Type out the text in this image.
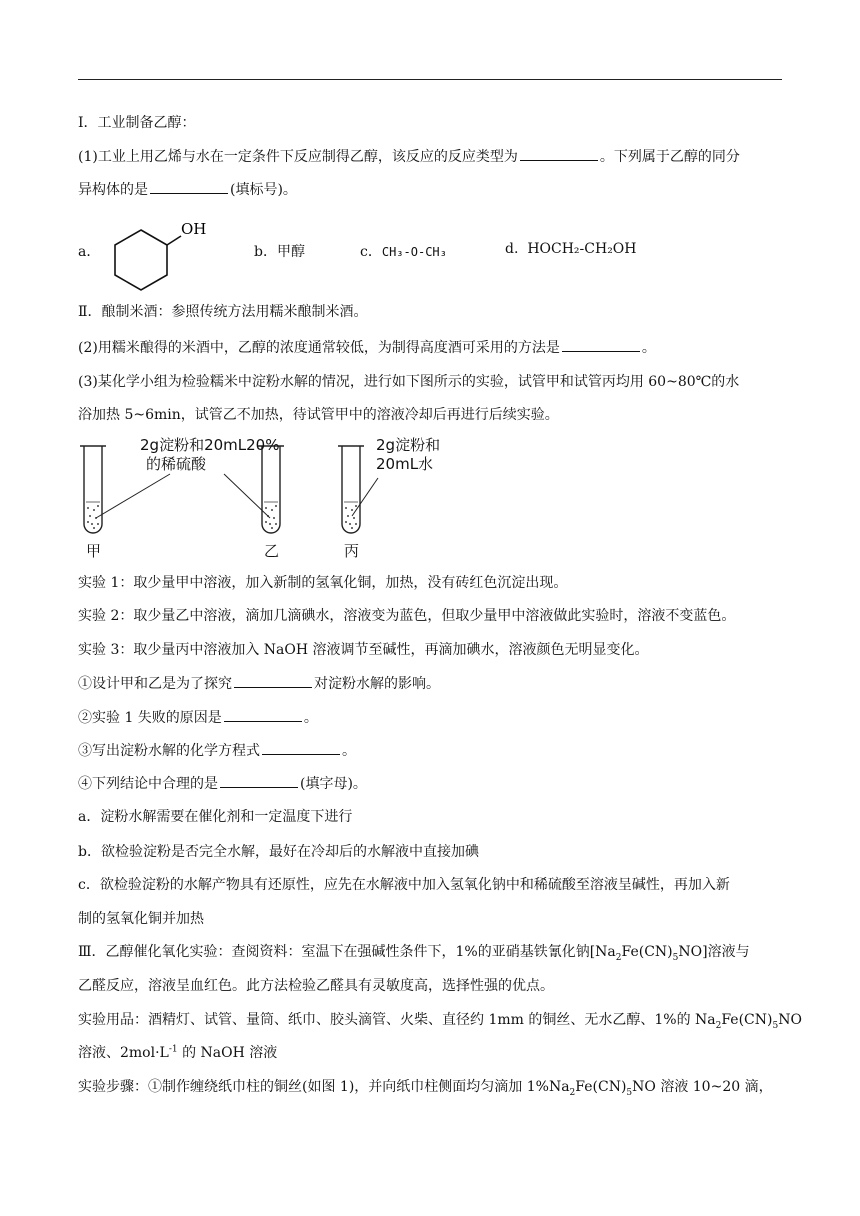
Ⅰ．工业制备乙醇：
(1)工业上用乙烯与水在一定条件下反应制得乙醇，该反应的反应类型为	。下列属于乙醇的同分
异构体的是	(填标号)。
a．
OH
b．甲醇	c．CH₃-O-CH₃	d. HOCH₂-CH₂OH
Ⅱ．酿制米酒：参照传统方法用糯米酿制米酒。
(2)用糯米酿得的米酒中，乙醇的浓度通常较低，为制得高度酒可采用的方法是	。
(3)某化学小组为检验糯米中淀粉水解的情况，进行如下图所示的实验，试管甲和试管丙均用 60~80℃的水
浴加热 5~6min，试管乙不加热，待试管甲中的溶液冷却后再进行后续实验。
2g淀粉和20mL20%
的稀硫酸
2g淀粉和
20mL水
甲	乙	丙
实验 1：取少量甲中溶液，加入新制的氢氧化铜，加热，没有砖红色沉淀出现。
实验 2：取少量乙中溶液，滴加几滴碘水，溶液变为蓝色，但取少量甲中溶液做此实验时，溶液不变蓝色。
实验 3：取少量丙中溶液加入 NaOH 溶液调节至碱性，再滴加碘水，溶液颜色无明显变化。
①设计甲和乙是为了探究	对淀粉水解的影响。
②实验 1 失败的原因是	。
③写出淀粉水解的化学方程式	。
④下列结论中合理的是	(填字母)。
a．淀粉水解需要在催化剂和一定温度下进行
b．欲检验淀粉是否完全水解，最好在冷却后的水解液中直接加碘
c．欲检验淀粉的水解产物具有还原性，应先在水解液中加入氢氧化钠中和稀硫酸至溶液呈碱性，再加入新
制的氢氧化铜并加热
Ⅲ．乙醇催化氧化实验：查阅资料：室温下在强碱性条件下，1%的亚硝基铁氰化钠$[Na_2Fe(CN)_5NO]$溶液与
乙醛反应，溶液呈血红色。此方法检验乙醛具有灵敏度高，选择性强的优点。
实验用品：酒精灯、试管、量筒、纸巾、胶头滴管、火柴、直径约 1mm 的铜丝、无水乙醇、1%的 $Na_2Fe(CN)_5NO$
溶液、$2mol\cdot L^{-1}$ 的 NaOH 溶液
实验步骤：①制作缠绕纸巾柱的铜丝(如图 1)，并向纸巾柱侧面均匀滴加 $1\%Na_2Fe(CN)_5NO$ 溶液 10~20 滴，
